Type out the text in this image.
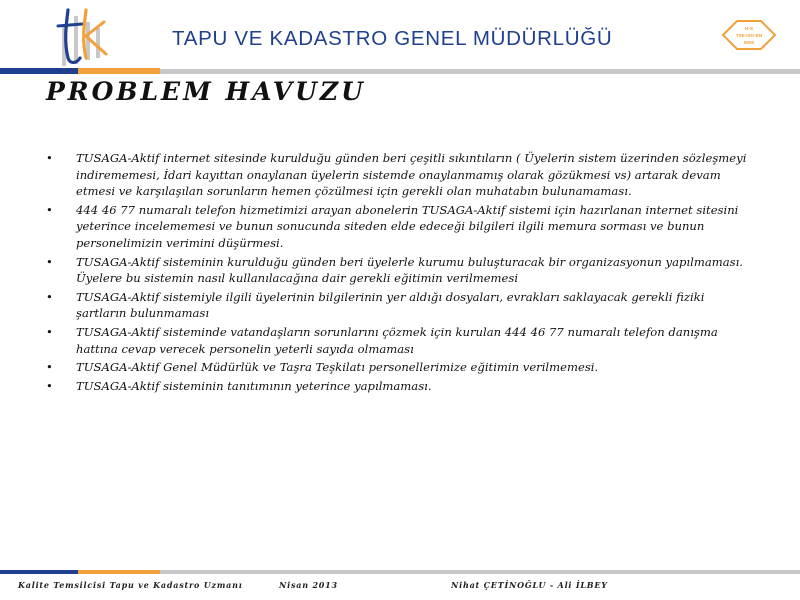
TAPU VE KADASTRO GENEL MÜDÜRLÜĞÜ	H-S
TSE-ISO-EN
9000
PROBLEM HAVUZU
• TUSAGA-Aktif internet sitesinde kurulduğu günden beri çeşitli sıkıntıların ( Üyelerin sistem üzerinden sözleşmeyi indirememesi, İdari kayıttan onaylanan üyelerin sistemde onaylanmamış olarak gözükmesi vs) artarak devam etmesi ve karşılaşılan sorunların hemen çözülmesi için gerekli olan muhatabın bulunamaması.
• 444 46 77 numaralı telefon hizmetimizi arayan abonelerin TUSAGA-Aktif sistemi için hazırlanan internet sitesini yeterince incelememesi ve bunun sonucunda siteden elde edeceği bilgileri ilgili memura sorması ve bunun personelimizin verimini düşürmesi.
• TUSAGA-Aktif sisteminin kurulduğu günden beri üyelerle kurumu buluşturacak bir organizasyonun yapılmaması. Üyelere bu sistemin nasıl kullanılacağına dair gerekli eğitimin verilmemesi
• TUSAGA-Aktif sistemiyle ilgili üyelerinin bilgilerinin yer aldığı dosyaları, evrakları saklayacak gerekli fiziki şartların bulunmaması
• TUSAGA-Aktif sisteminde vatandaşların sorunlarını çözmek için kurulan 444 46 77 numaralı telefon danışma hattına cevap verecek personelin yeterli sayıda olmaması
• TUSAGA-Aktif Genel Müdürlük ve Taşra Teşkilatı personellerimize eğitimin verilmemesi.
• TUSAGA-Aktif sisteminin tanıtımının yeterince yapılmaması.
Kalite Temsilcisi Tapu ve Kadastro Uzmanı	Nisan 2013	Nihat ÇETİNOĞLU - Ali İLBEY
